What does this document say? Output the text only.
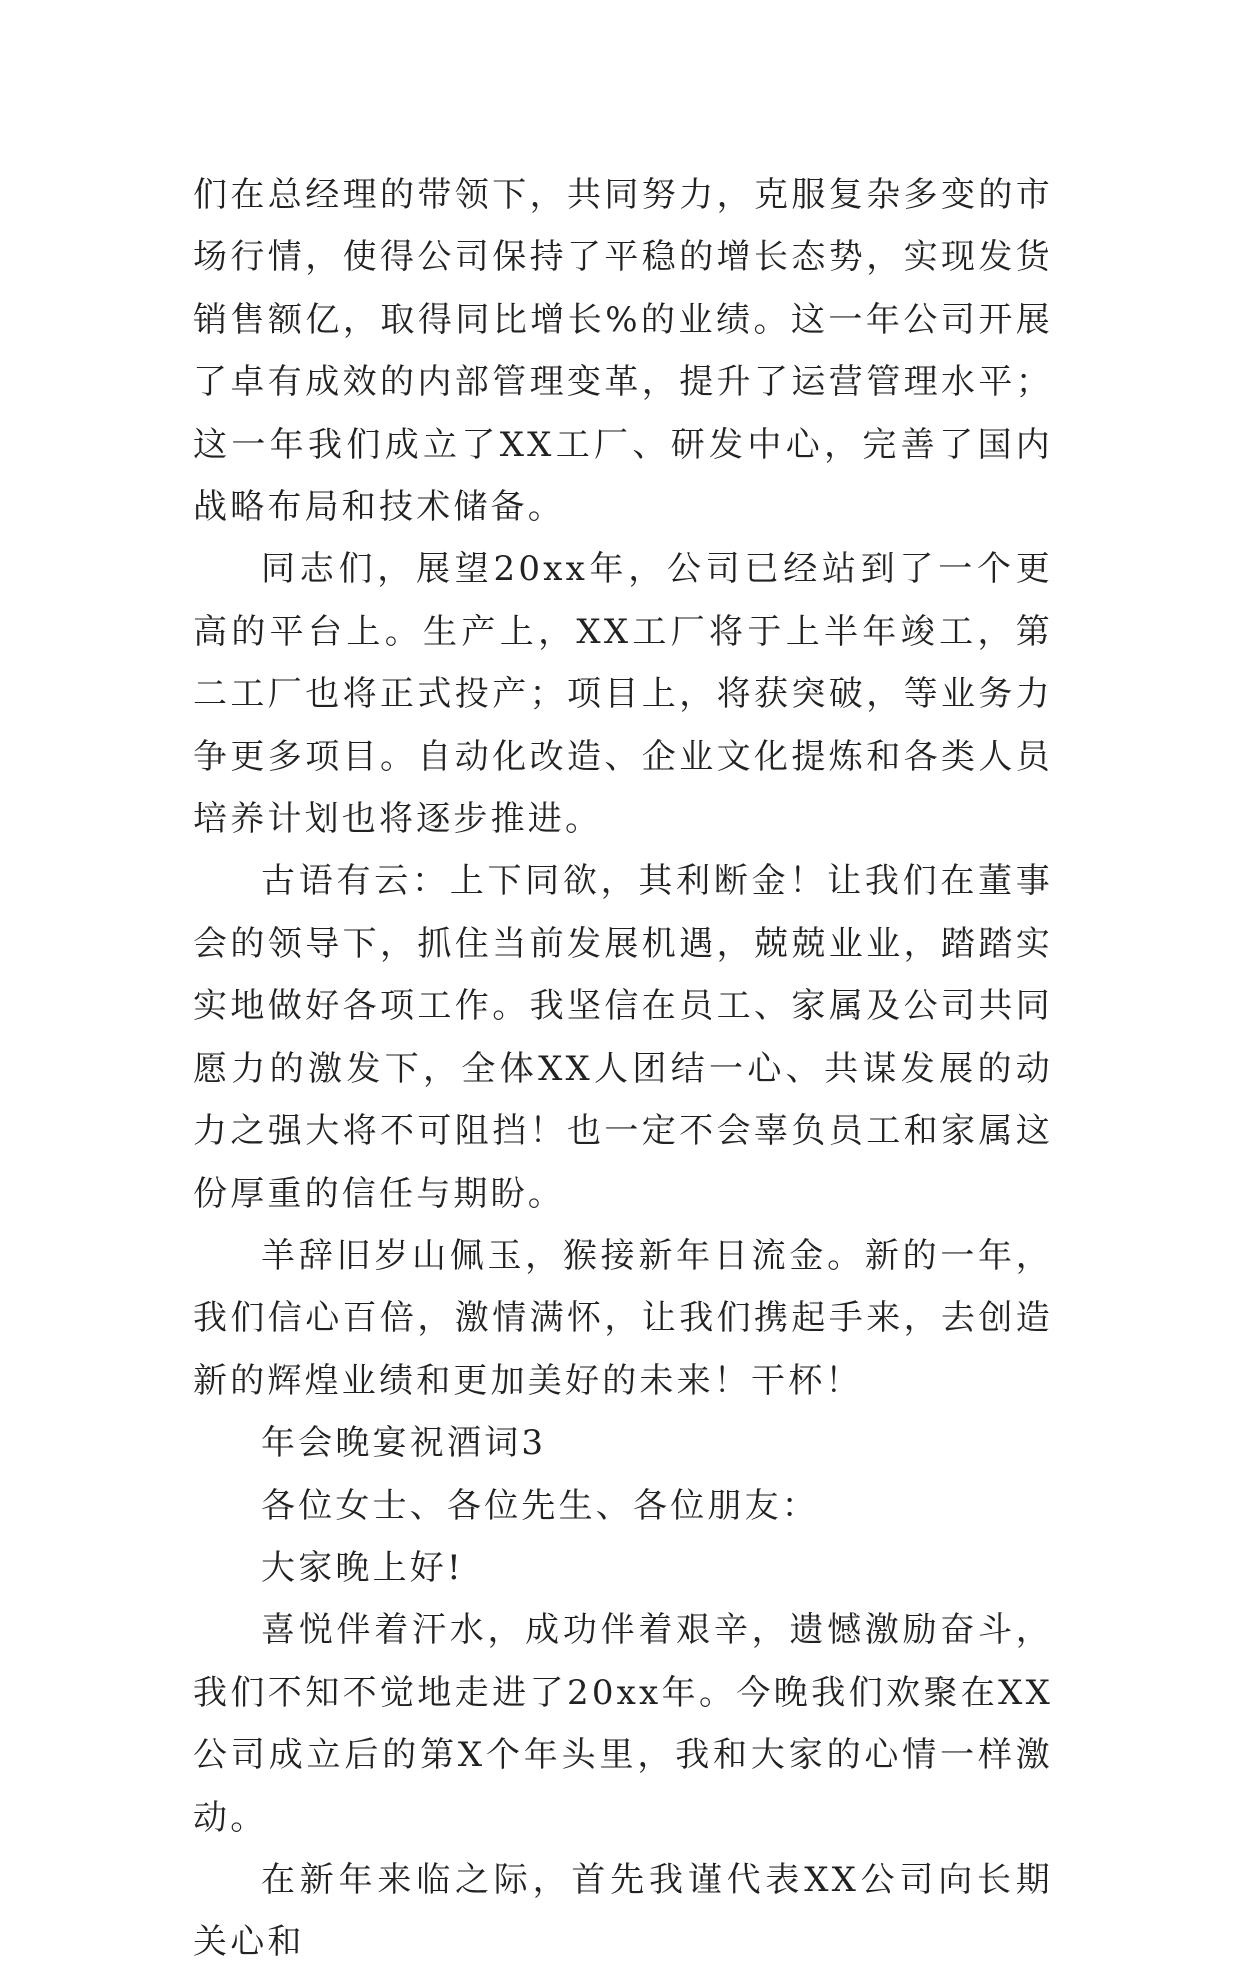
们在总经理的带领下，共同努力，克服复杂多变的市场行情，使得公司保持了平稳的增长态势，实现发货销售额亿，取得同比增长%的业绩。这一年公司开展了卓有成效的内部管理变革，提升了运营管理水平；这一年我们成立了XX工厂、研发中心，完善了国内战略布局和技术储备。

同志们，展望20xx年，公司已经站到了一个更高的平台上。生产上，XX工厂将于上半年竣工，第二工厂也将正式投产；项目上，将获突破，等业务力争更多项目。自动化改造、企业文化提炼和各类人员培养计划也将逐步推进。

古语有云：上下同欲，其利断金！让我们在董事会的领导下，抓住当前发展机遇，兢兢业业，踏踏实实地做好各项工作。我坚信在员工、家属及公司共同愿力的激发下，全体XX人团结一心、共谋发展的动力之强大将不可阻挡！也一定不会辜负员工和家属这份厚重的信任与期盼。

羊辞旧岁山佩玉，猴接新年日流金。新的一年，我们信心百倍，激情满怀，让我们携起手来，去创造新的辉煌业绩和更加美好的未来！干杯！

年会晚宴祝酒词3

各位女士、各位先生、各位朋友：

大家晚上好!

喜悦伴着汗水，成功伴着艰辛，遗憾激励奋斗，我们不知不觉地走进了20xx年。今晚我们欢聚在XX公司成立后的第X个年头里，我和大家的心情一样激动。

在新年来临之际，首先我谨代表XX公司向长期关心和
